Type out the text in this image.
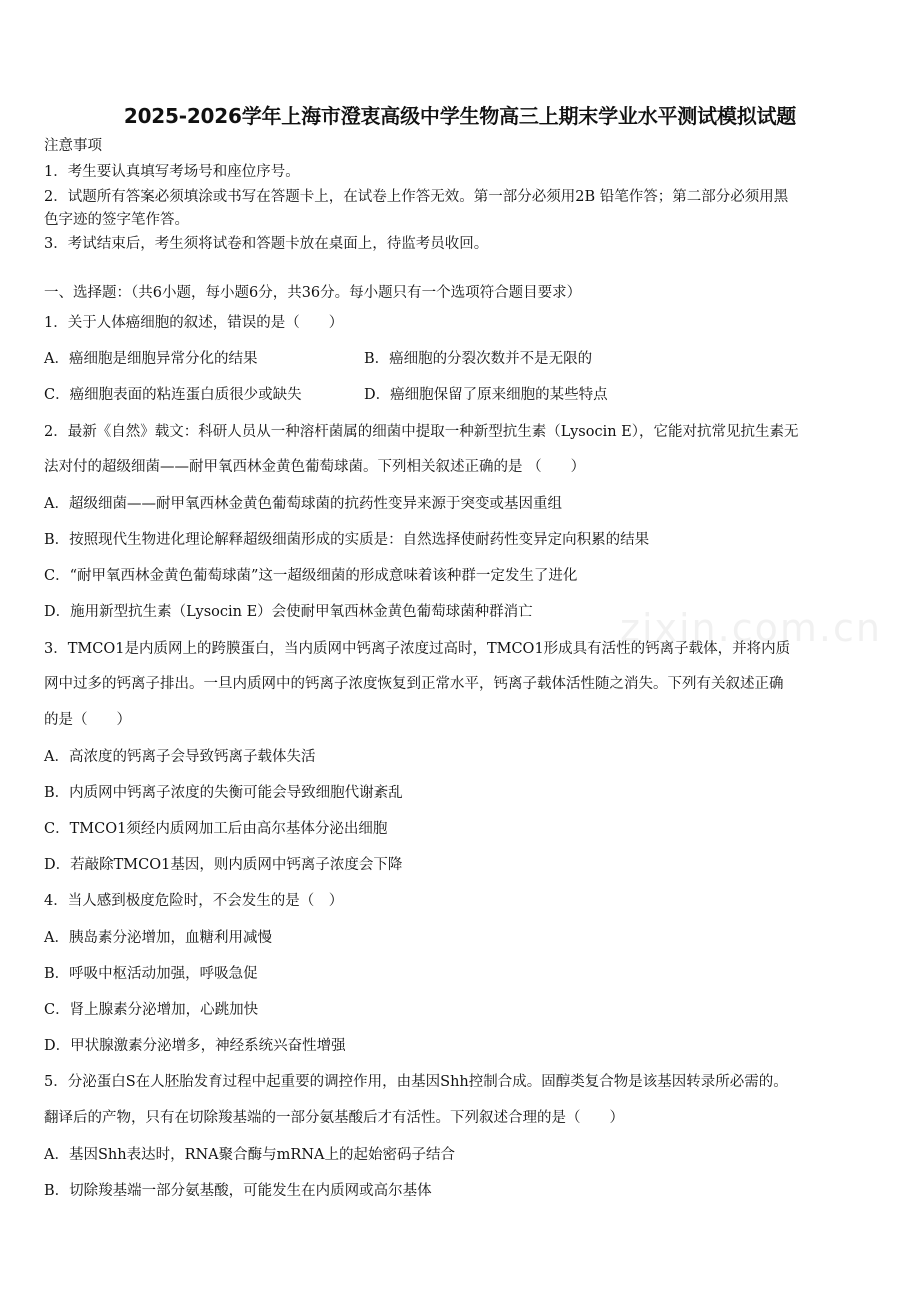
2025-2026学年上海市澄衷高级中学生物高三上期末学业水平测试模拟试题
注意事项
1．考生要认真填写考场号和座位序号。
2．试题所有答案必须填涂或书写在答题卡上，在试卷上作答无效。第一部分必须用2B 铅笔作答；第二部分必须用黑
色字迹的签字笔作答。
3．考试结束后，考生须将试卷和答题卡放在桌面上，待监考员收回。
一、选择题：（共6小题，每小题6分，共36分。每小题只有一个选项符合题目要求）
1．关于人体癌细胞的叙述，错误的是（　　）
A．癌细胞是细胞异常分化的结果	B．癌细胞的分裂次数并不是无限的
C．癌细胞表面的粘连蛋白质很少或缺失	D．癌细胞保留了原来细胞的某些特点
2．最新《自然》载文：科研人员从一种溶杆菌属的细菌中提取一种新型抗生素（Lysocin E），它能对抗常见抗生素无
法对付的超级细菌——耐甲氧西林金黄色葡萄球菌。下列相关叙述正确的是 （　　）
A．超级细菌——耐甲氧西林金黄色葡萄球菌的抗药性变异来源于突变或基因重组
B．按照现代生物进化理论解释超级细菌形成的实质是：自然选择使耐药性变异定向积累的结果
C．“耐甲氧西林金黄色葡萄球菌”这一超级细菌的形成意味着该种群一定发生了进化
D．施用新型抗生素（Lysocin E）会使耐甲氧西林金黄色葡萄球菌种群消亡
3．TMCO1是内质网上的跨膜蛋白，当内质网中钙离子浓度过高时，TMCO1形成具有活性的钙离子载体，并将内质
网中过多的钙离子排出。一旦内质网中的钙离子浓度恢复到正常水平，钙离子载体活性随之消失。下列有关叙述正确
的是（　　）
A．高浓度的钙离子会导致钙离子载体失活
B．内质网中钙离子浓度的失衡可能会导致细胞代谢紊乱
C．TMCO1须经内质网加工后由高尔基体分泌出细胞
D．若敲除TMCO1基因，则内质网中钙离子浓度会下降
4．当人感到极度危险时，不会发生的是（　）
A．胰岛素分泌增加，血糖利用减慢
B．呼吸中枢活动加强，呼吸急促
C．肾上腺素分泌增加，心跳加快
D．甲状腺激素分泌增多，神经系统兴奋性增强
5．分泌蛋白S在人胚胎发育过程中起重要的调控作用，由基因Shh控制合成。固醇类复合物是该基因转录所必需的。
翻译后的产物，只有在切除羧基端的一部分氨基酸后才有活性。下列叙述合理的是（　　）
A．基因Shh表达时，RNA聚合酶与mRNA上的起始密码子结合
B．切除羧基端一部分氨基酸，可能发生在内质网或高尔基体
zixin.com.cn
